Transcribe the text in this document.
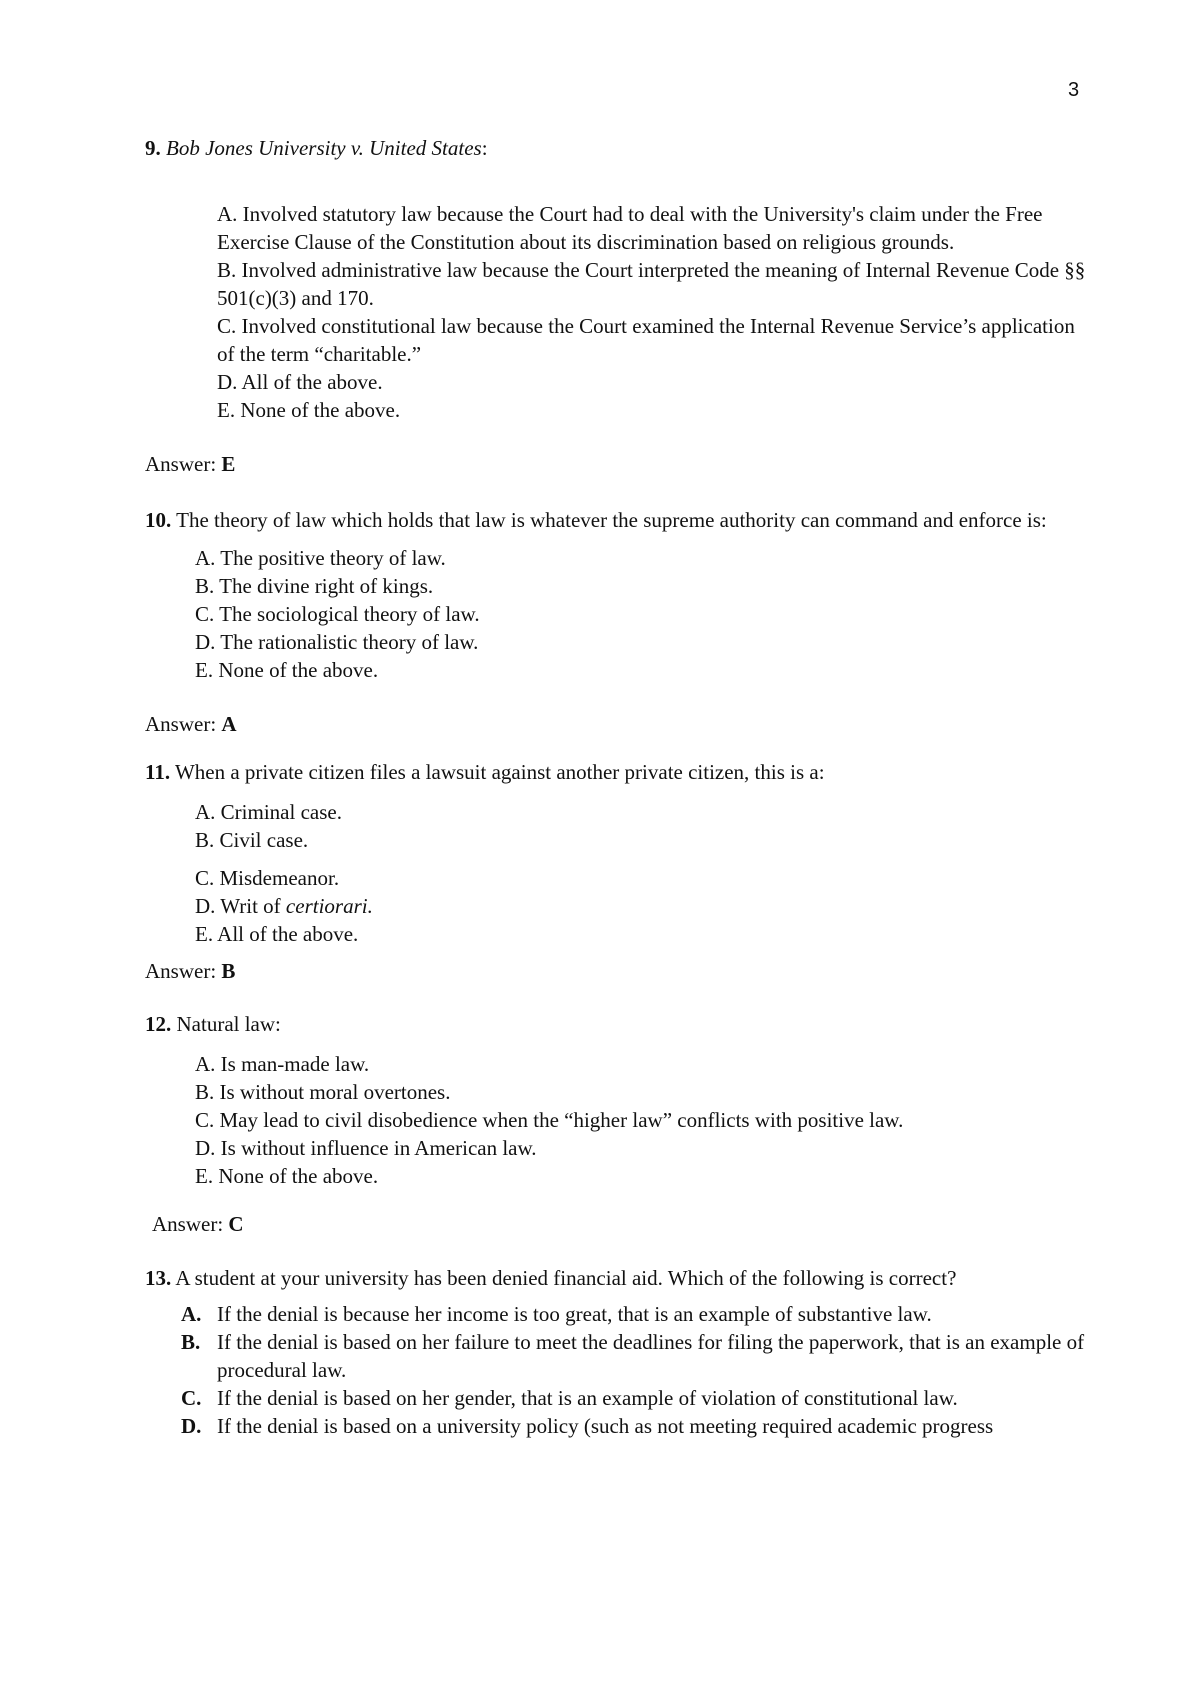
3
9. Bob Jones University v. United States:
A. Involved statutory law because the Court had to deal with the University's claim under the Free Exercise Clause of the Constitution about its discrimination based on religious grounds.
B. Involved administrative law because the Court interpreted the meaning of Internal Revenue Code §§ 501(c)(3) and 170.
C. Involved constitutional law because the Court examined the Internal Revenue Service’s application of the term “charitable.”
D. All of the above.
E. None of the above.
Answer: E
10. The theory of law which holds that law is whatever the supreme authority can command and enforce is:
A. The positive theory of law.
B. The divine right of kings.
C. The sociological theory of law.
D. The rationalistic theory of law.
E. None of the above.
Answer: A
11. When a private citizen files a lawsuit against another private citizen, this is a:
A. Criminal case.
B. Civil case.
C. Misdemeanor.
D. Writ of certiorari.
E. All of the above.
Answer: B
12. Natural law:
A. Is man-made law.
B. Is without moral overtones.
C. May lead to civil disobedience when the “higher law” conflicts with positive law.
D. Is without influence in American law.
E. None of the above.
Answer: C
13. A student at your university has been denied financial aid. Which of the following is correct?
A. If the denial is because her income is too great, that is an example of substantive law.
B. If the denial is based on her failure to meet the deadlines for filing the paperwork, that is an example of procedural law.
C. If the denial is based on her gender, that is an example of violation of constitutional law.
D. If the denial is based on a university policy (such as not meeting required academic progress
